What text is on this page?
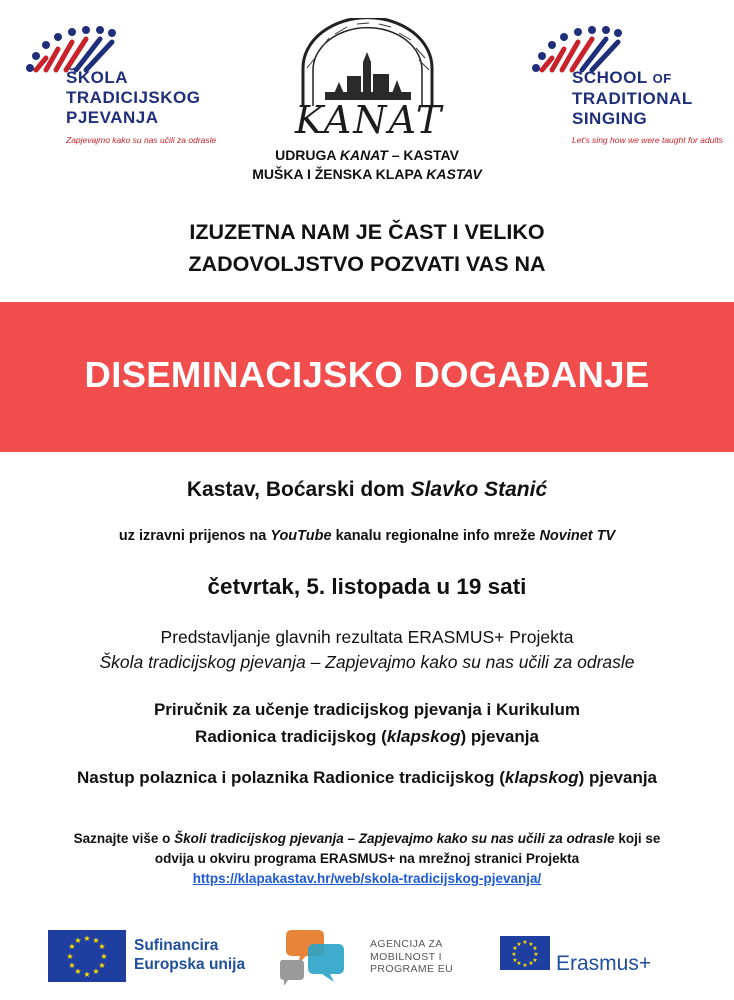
ŠKOLA
TRADICIJSKOG
PJEVANJA
Zapjevajmo kako su nas učili za odrasle KANAT
SCHOOL OF
TRADITIONAL
SINGING
Let's sing how we were taught for adults
UDRUGA KANAT – KASTAV
MUŠKA I ŽENSKA KLAPA KASTAV
IZUZETNA NAM JE ČAST I VELIKO
ZADOVOLJSTVO POZVATI VAS NA
DISEMINACIJSKO DOGAĐANJE
Kastav, Boćarski dom Slavko Stanić
uz izravni prijenos na YouTube kanalu regionalne info mreže Novinet TV
četvrtak, 5. listopada u 19 sati
Predstavljanje glavnih rezultata ERASMUS+ Projekta
Škola tradicijskog pjevanja – Zapjevajmo kako su nas učili za odrasle
Priručnik za učenje tradicijskog pjevanja i Kurikulum
Radionica tradicijskog (klapskog) pjevanja
Nastup polaznica i polaznika Radionice tradicijskog (klapskog) pjevanja
Saznajte više o Školi tradicijskog pjevanja – Zapjevajmo kako su nas učili za odrasle koji se
odvija u okviru programa ERASMUS+ na mrežnoj stranici Projekta
https://klapakastav.hr/web/skola-tradicijskog-pjevanja/
★ ★
★
★
★
★
★
★
★
★
★
★	Sufinancira
Europska unija
AGENCIJA ZA
MOBILNOST I
PROGRAME EU
★ ★
★
★
★
★
★
★
★
★
★
★
Erasmus+
